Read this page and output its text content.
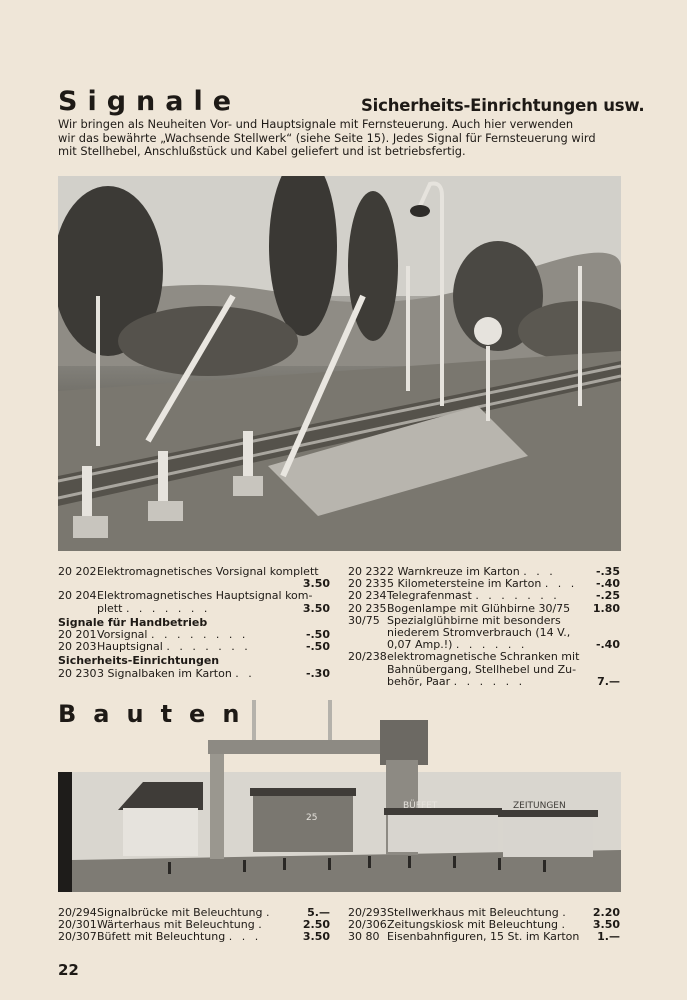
Signale	Sicherheits-Einrichtungen usw.
Wir bringen als Neuheiten Vor- und Hauptsignale mit Fernsteuerung. Auch hier verwenden
wir das bewährte „Wachsende Stellwerk“ (siehe Seite 15). Jedes Signal für Fernsteuerung wird
mit Stellhebel, Anschlußstück und Kabel geliefert und ist betriebsfertig.
20 202 Elektromagnetisches Vorsignal komplett
3.50
20 204 Elektromagnetisches Hauptsignal kom-
plett . . . . . . .	3.50
Signale für Handbetrieb
20 201 Vorsignal . . . . . . . .	-.50
20 203 Hauptsignal . . . . . . .	-.50
Sicherheits-Einrichtungen
20 230 3 Signalbaken im Karton . .	-.30
20 232 2 Warnkreuze im Karton . . .	-.35
20 233 5 Kilometersteine im Karton . . .	-.40
20 234 Telegrafenmast . . . . . . .	-.25
20 235 Bogenlampe mit Glühbirne 30/75	1.80
30/75 Spezialglühbirne mit besonders
niederem Stromverbrauch (14 V.,
0,07 Amp.!) . . . . . .	-.40
20/238 elektromagnetische Schranken mit
Bahnübergang, Stellhebel und Zu-
behör, Paar . . . . . .	7.—
25
BÜFFET	ZEITUNGEN
Bauten
20/294 Signalbrücke mit Beleuchtung .	5.—
20/301 Wärterhaus mit Beleuchtung .	2.50
20/307 Büfett mit Beleuchtung . . .	3.50
20/293 Stellwerkhaus mit Beleuchtung .	2.20
20/306 Zeitungskiosk mit Beleuchtung .	3.50
30 80 Eisenbahnfiguren, 15 St. im Karton	1.—
22
